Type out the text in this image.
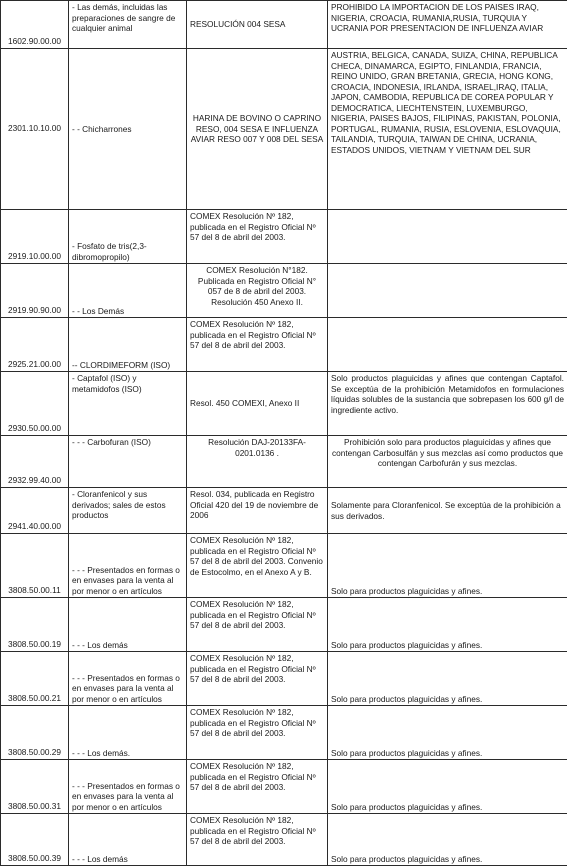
1602.90.00.00	- Las demás, incluidas las preparaciones de sangre de cualquier animal	RESOLUCIÓN 004 SESA	PROHIBIDO LA IMPORTACION DE LOS PAISES IRAQ, NIGERIA, CROACIA, RUMANIA,RUSIA, TURQUIA Y UCRANIA POR PRESENTACION DE INFLUENZA AVIAR
2301.10.10.00	- - Chicharrones	HARINA DE BOVINO O CAPRINO RESO, 004 SESA E INFLUENZA AVIAR RESO 007 Y 008 DEL SESA	AUSTRIA, BELGICA, CANADA, SUIZA, CHINA, REPUBLICA CHECA, DINAMARCA, EGIPTO, FINLANDIA, FRANCIA, REINO UNIDO, GRAN BRETANIA, GRECIA, HONG KONG, CROACIA, INDONESIA, IRLANDA, ISRAEL,IRAQ, ITALIA, JAPON, CAMBODIA, REPUBLICA DE COREA POPULAR Y DEMOCRATICA, LIECHTENSTEIN, LUXEMBURGO, NIGERIA, PAISES BAJOS, FILIPINAS, PAKISTAN, POLONIA, PORTUGAL, RUMANIA, RUSIA, ESLOVENIA, ESLOVAQUIA, TAILANDIA, TURQUIA, TAIWAN DE CHINA, UCRANIA, ESTADOS UNIDOS, VIETNAM Y VIETNAM DEL SUR
2919.10.00.00	- Fosfato de tris(2,3-dibromopropilo)	COMEX Resolución Nº 182, publicada en el Registro Oficial Nº 57 del 8 de abril del 2003.	
2919.90.90.00	- - Los Demás	COMEX Resolución N°182. Publicada en Registro Oficial N° 057 de 8 de abril del 2003. Resolución 450 Anexo II.	
2925.21.00.00	-- CLORDIMEFORM (ISO)	COMEX Resolución Nº 182, publicada en el Registro Oficial Nº 57 del 8 de abril del 2003.	
2930.50.00.00	- Captafol (ISO) y metamidofos (ISO)	Resol. 450 COMEXI, Anexo II	Solo productos plaguicidas y afines que contengan Captafol. Se exceptúa de la prohibición Metamidofos en formulaciones líquidas solubles de la sustancia que sobrepasen los 600 g/l de ingrediente activo.
2932.99.40.00	- - - Carbofuran (ISO)	Resolución DAJ-20133FA-0201.0136 .	Prohibición solo para productos plaguicidas y afines que contengan Carbosulfán y sus mezclas así como productos que contengan Carbofurán y sus mezclas.
2941.40.00.00	- Cloranfenicol y sus derivados; sales de estos productos	Resol. 034, publicada en Registro Oficial 420 del 19 de noviembre de 2006	Solamente para Cloranfenicol. Se exceptúa de la prohibición a sus derivados.
3808.50.00.11	- - - Presentados en formas o en envases para la venta al por menor o en artículos	COMEX Resolución Nº 182, publicada en el Registro Oficial Nº 57 del 8 de abril del 2003. Convenio de Estocolmo, en el Anexo A y B.	Solo para productos plaguicidas y afines.
3808.50.00.19	- - - Los demás	COMEX Resolución Nº 182, publicada en el Registro Oficial Nº 57 del 8 de abril del 2003.	Solo para productos plaguicidas y afines.
3808.50.00.21	- - - Presentados en formas o en envases para la venta al por menor o en artículos	COMEX Resolución Nº 182, publicada en el Registro Oficial Nº 57 del 8 de abril del 2003.	Solo para productos plaguicidas y afines.
3808.50.00.29	- - - Los demás.	COMEX Resolución Nº 182, publicada en el Registro Oficial Nº 57 del 8 de abril del 2003.	Solo para productos plaguicidas y afines.
3808.50.00.31	- - - Presentados en formas o en envases para la venta al por menor o en artículos	COMEX Resolución Nº 182, publicada en el Registro Oficial Nº 57 del 8 de abril del 2003.	Solo para productos plaguicidas y afines.
3808.50.00.39	- - - Los demás	COMEX Resolución Nº 182, publicada en el Registro Oficial Nº 57 del 8 de abril del 2003.	Solo para productos plaguicidas y afines.
